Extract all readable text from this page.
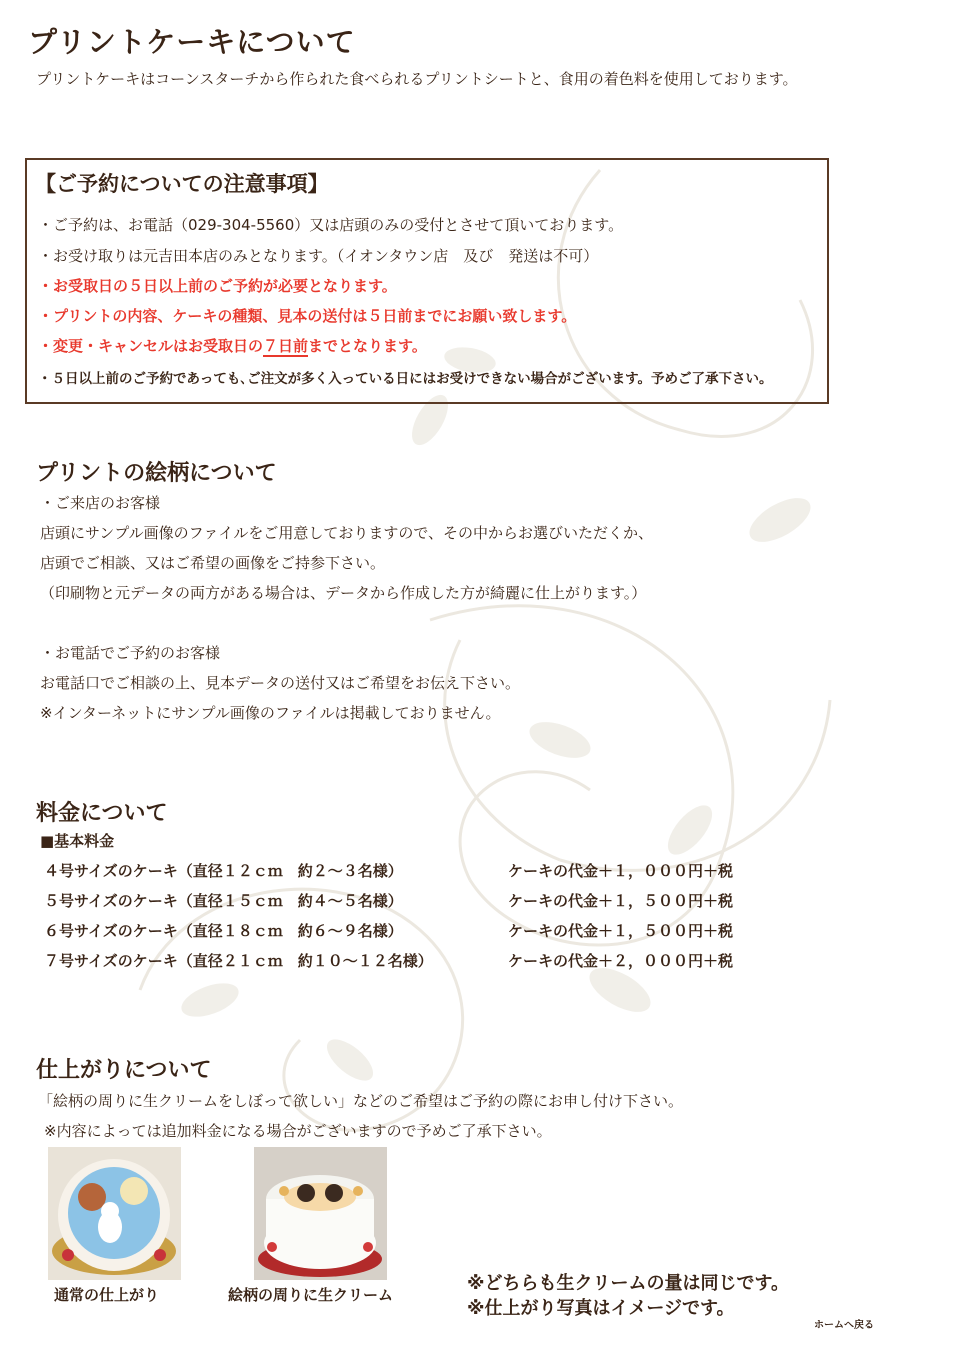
プリントケーキについて
プリントケーキはコーンスターチから作られた食べられるプリントシートと、食用の着色料を使用しております。
【ご予約についての注意事項】
・ご予約は、お電話（029-304-5560）又は店頭のみの受付とさせて頂いております。
・お受け取りは元吉田本店のみとなります。（イオンタウン店　及び　発送は不可）
・お受取日の５日以上前のご予約が必要となります。
・プリントの内容、ケーキの種類、見本の送付は５日前までにお願い致します。
・変更・キャンセルはお受取日の７日前までとなります。
・５日以上前のご予約であっても､ご注文が多く入っている日にはお受けできない場合がございます。予めご了承下さい。
プリントの絵柄について
・ご来店のお客様
店頭にサンプル画像のファイルをご用意しておりますので、その中からお選びいただくか、
店頭でご相談、又はご希望の画像をご持参下さい。
（印刷物と元データの両方がある場合は、データから作成した方が綺麗に仕上がります。）
・お電話でご予約のお客様
お電話口でご相談の上、見本データの送付又はご希望をお伝え下さい。
※インターネットにサンプル画像のファイルは掲載しておりません。
料金について
■基本料金
４号サイズのケーキ（直径１２ｃｍ　約２～３名様）	ケーキの代金＋１，０００円＋税
５号サイズのケーキ（直径１５ｃｍ　約４～５名様）	ケーキの代金＋１，５００円＋税
６号サイズのケーキ（直径１８ｃｍ　約６～９名様）	ケーキの代金＋１，５００円＋税
７号サイズのケーキ（直径２１ｃｍ　約１０～１２名様）	ケーキの代金＋２，０００円＋税
仕上がりについて
「絵柄の周りに生クリームをしぼって欲しい」などのご希望はご予約の際にお申し付け下さい。
※内容によっては追加料金になる場合がございますので予めご了承下さい。
通常の仕上がり	絵柄の周りに生クリーム
※どちらも生クリームの量は同じです。
※仕上がり写真はイメージです。
ホームへ戻る
